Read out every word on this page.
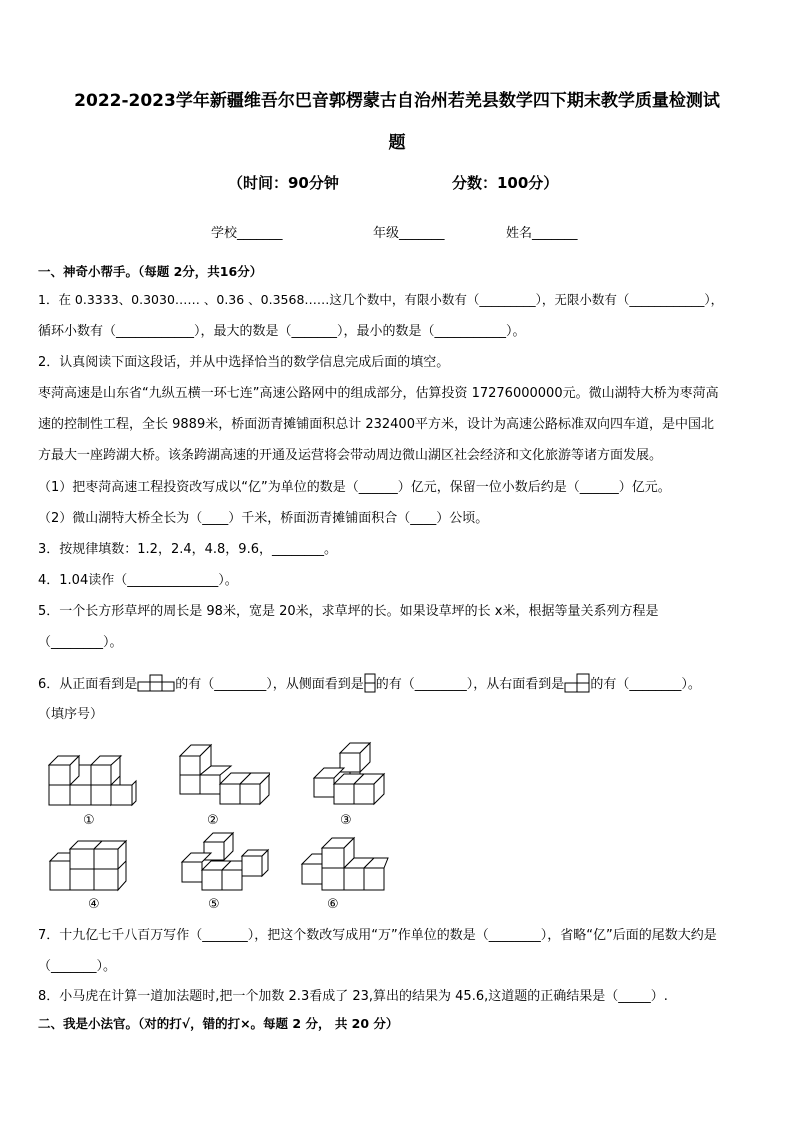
2022-2023学年新疆维吾尔巴音郭楞蒙古自治州若羌县数学四下期末教学质量检测试
题
（时间：90分钟	分数：100分）
学校_______	年级_______	姓名_______
一、神奇小帮手。（每题 2分，共16分）
1．在 0.3333、0.3030…… 、0.36 、0.3568……这几个数中，有限小数有（_________），无限小数有（____________），
循环小数有（____________），最大的数是（_______），最小的数是（___________）。
2．认真阅读下面这段话，并从中选择恰当的数学信息完成后面的填空。
枣菏高速是山东省“九纵五横一环七连”高速公路网中的组成部分，估算投资 17276000000元。微山湖特大桥为枣菏高
速的控制性工程，全长 9889米，桥面沥青摊铺面积总计 232400平方米，设计为高速公路标准双向四车道，是中国北
方最大一座跨湖大桥。该条跨湖高速的开通及运营将会带动周边微山湖区社会经济和文化旅游等诸方面发展。
（1）把枣菏高速工程投资改写成以“亿”为单位的数是（______）亿元，保留一位小数后约是（______）亿元。
（2）微山湖特大桥全长为（____）千米，桥面沥青摊铺面积合（____）公顷。
3．按规律填数：1.2，2.4，4.8，9.6，________。
4．1.04读作（______________）。
5．一个长方形草坪的周长是 98米，宽是 20米，求草坪的长。如果设草坪的长 x米，根据等量关系列方程是
（________）。
6．从正面看到是	的有（________），从侧面看到是 的有（________），从右面看到是 的有（________）。
（填序号）
①	②	③
④	⑤	⑥
7．十九亿七千八百万写作（_______），把这个数改写成用“万”作单位的数是（________），省略“亿”后面的尾数大约是
（_______）。
8．小马虎在计算一道加法题时,把一个加数 2.3看成了 23,算出的结果为 45.6,这道题的正确结果是（_____）.
二、我是小法官。（对的打√，错的打×。每题 2 分， 共 20 分）
